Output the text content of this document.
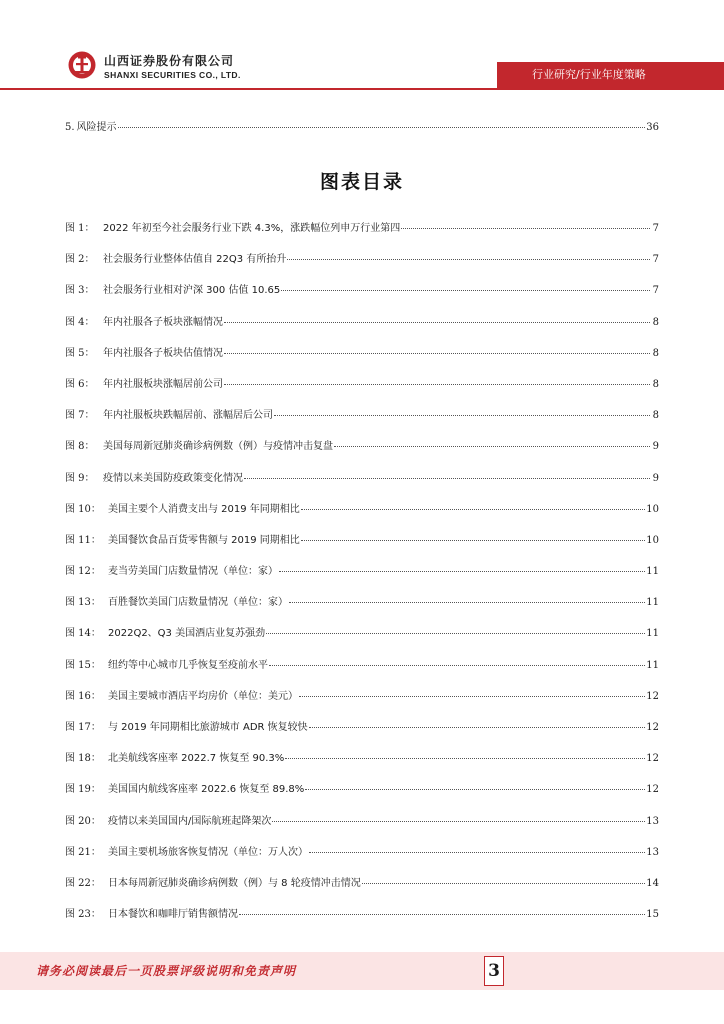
山西证券股份有限公司
SHANXI SECURITIES CO., LTD.	行业研究/行业年度策略
5. 风险提示	36
图表目录
图 1： 2022 年初至今社会服务行业下跌 4.3%，涨跌幅位列申万行业第四	7
图 2： 社会服务行业整体估值自 22Q3 有所抬升	7
图 3： 社会服务行业相对沪深 300 估值 10.65	7
图 4： 年内社服各子板块涨幅情况	8
图 5： 年内社服各子板块估值情况	8
图 6： 年内社服板块涨幅居前公司	8
图 7： 年内社服板块跌幅居前、涨幅居后公司	8
图 8： 美国每周新冠肺炎确诊病例数（例）与疫情冲击复盘	9
图 9： 疫情以来美国防疫政策变化情况	9
图 10： 美国主要个人消费支出与 2019 年同期相比	10
图 11： 美国餐饮食品百货零售额与 2019 同期相比	10
图 12： 麦当劳美国门店数量情况（单位：家）	11
图 13： 百胜餐饮美国门店数量情况（单位：家）	11
图 14： 2022Q2、Q3 美国酒店业复苏强劲	11
图 15： 纽约等中心城市几乎恢复至疫前水平	11
图 16： 美国主要城市酒店平均房价（单位：美元）	12
图 17： 与 2019 年同期相比旅游城市 ADR 恢复较快	12
图 18： 北美航线客座率 2022.7 恢复至 90.3%	12
图 19： 美国国内航线客座率 2022.6 恢复至 89.8%	12
图 20： 疫情以来美国国内/国际航班起降架次	13
图 21： 美国主要机场旅客恢复情况（单位：万人次）	13
图 22： 日本每周新冠肺炎确诊病例数（例）与 8 轮疫情冲击情况	14
图 23： 日本餐饮和咖啡厅销售额情况	15
请务必阅读最后一页股票评级说明和免责声明	3
